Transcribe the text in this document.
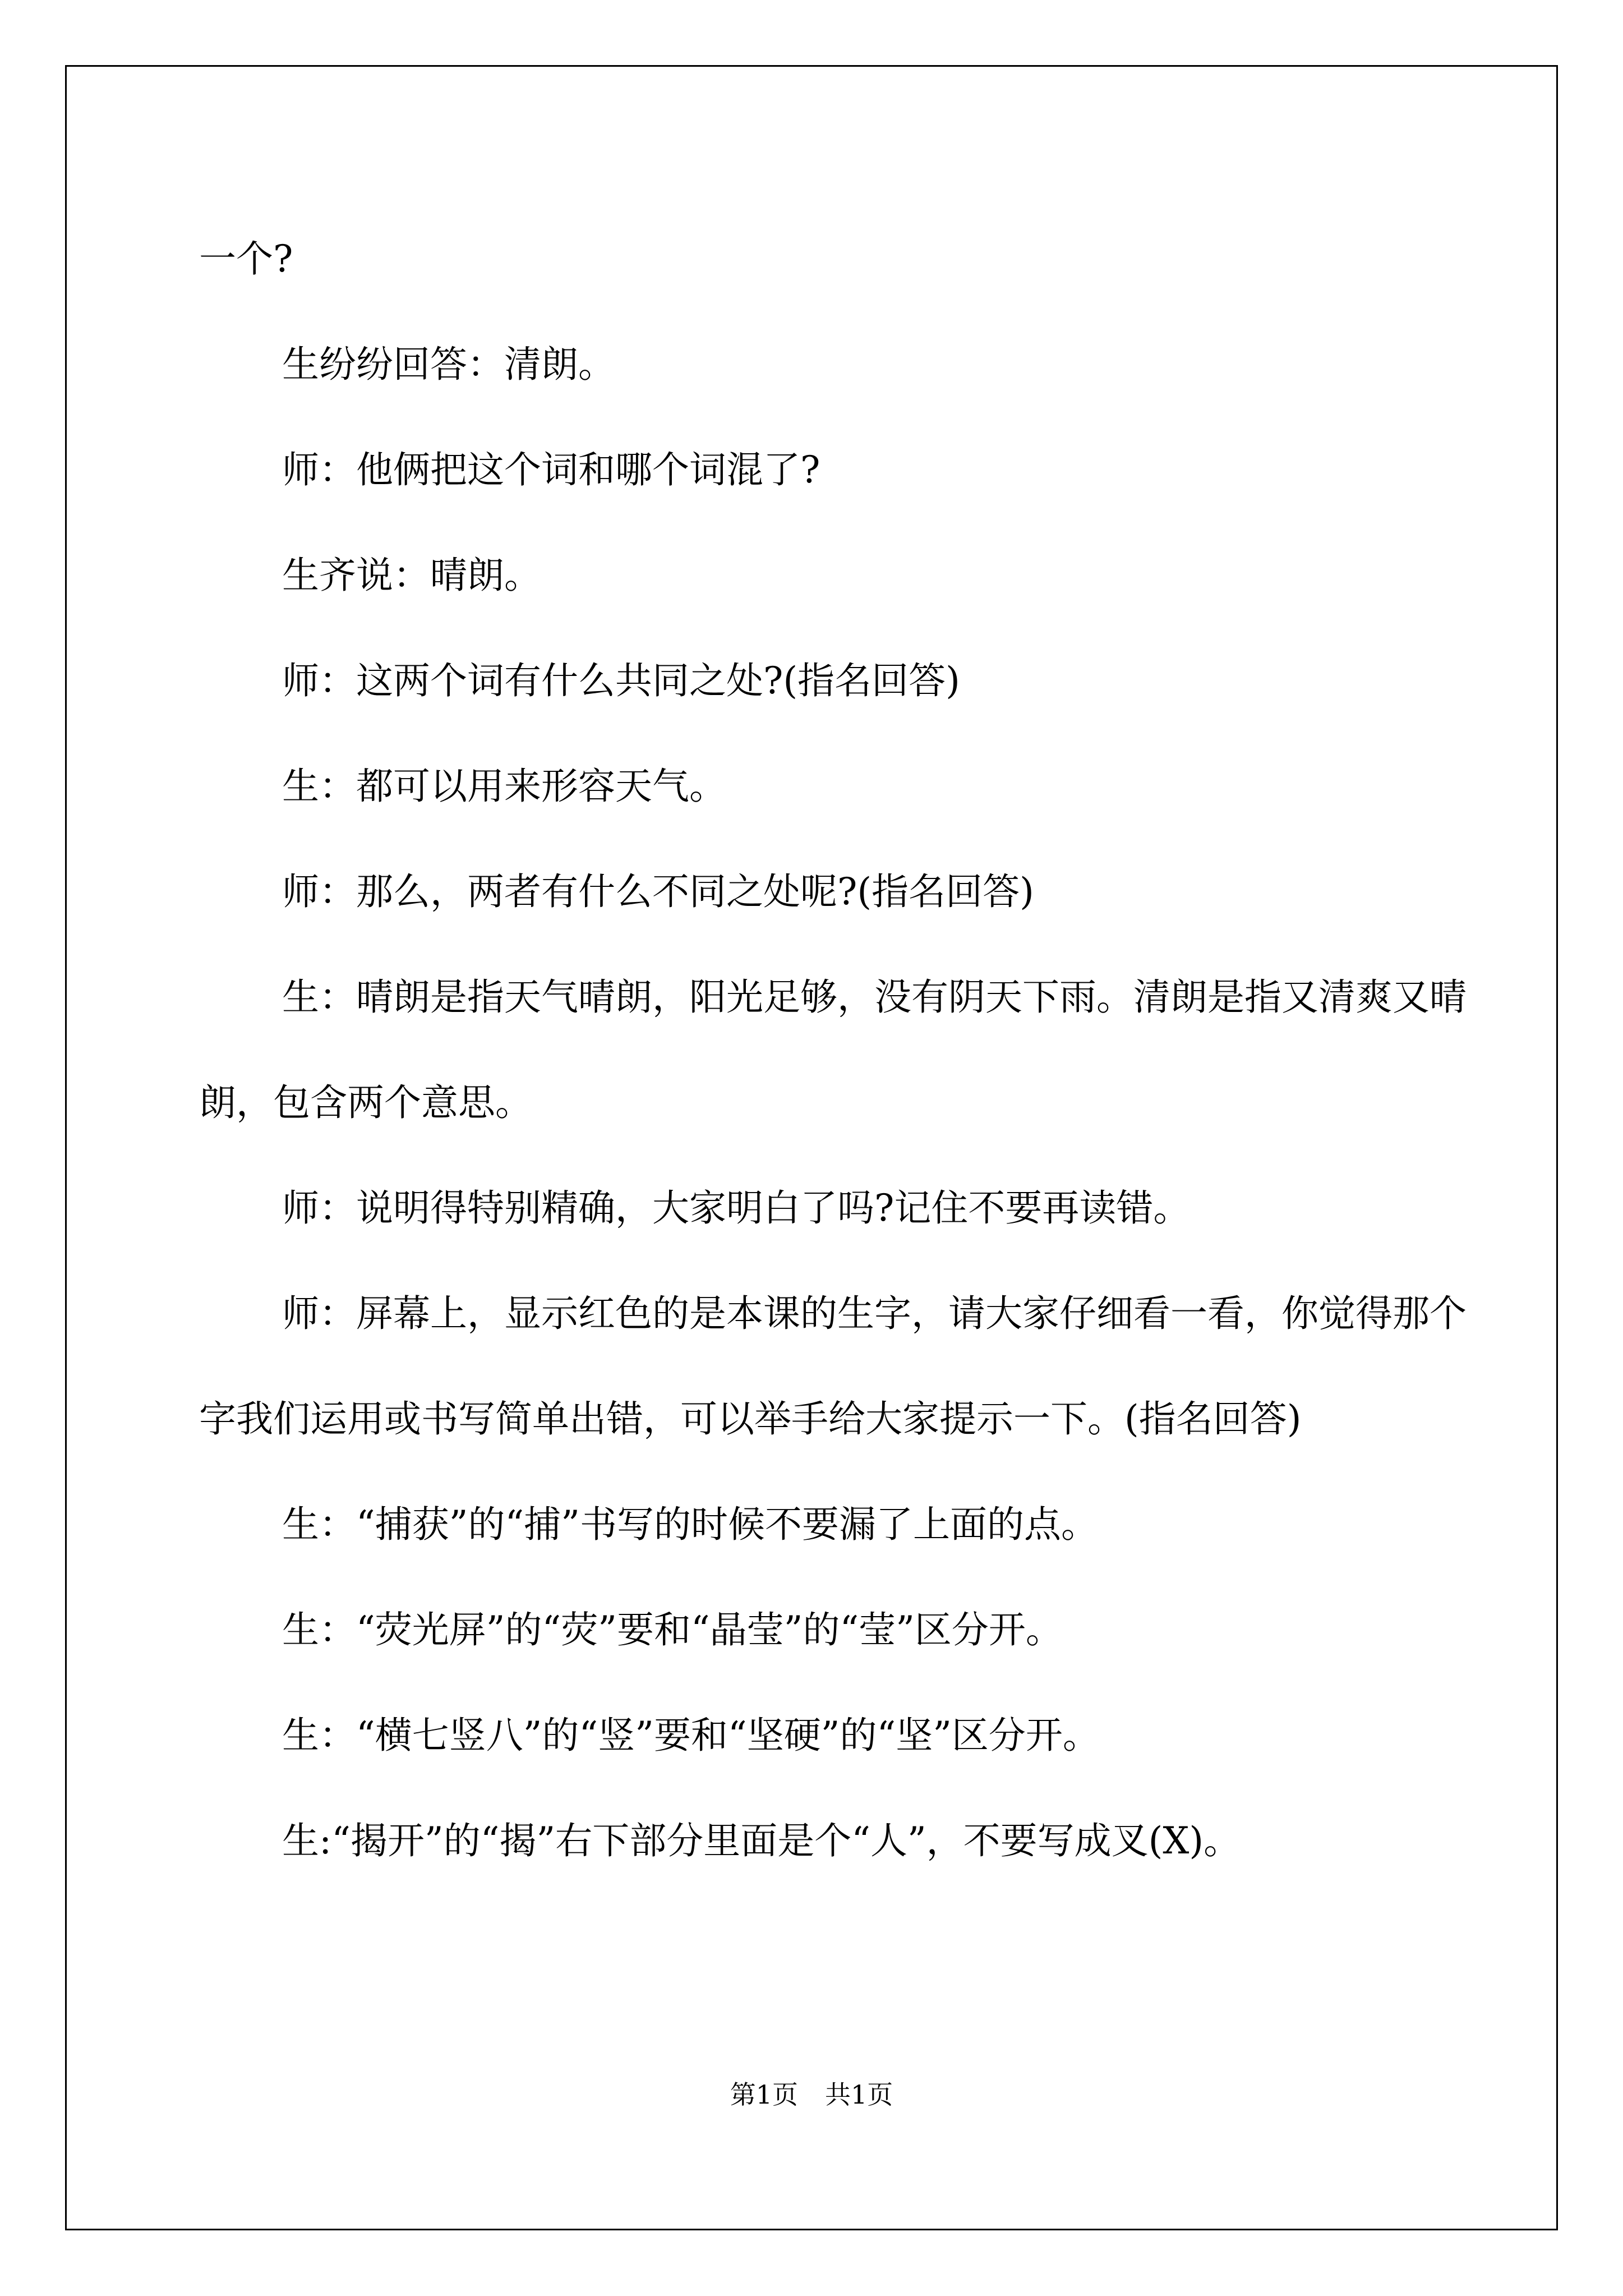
一个?

生纷纷回答：清朗。

师：他俩把这个词和哪个词混了?

生齐说：晴朗。

师：这两个词有什么共同之处?(指名回答)

生：都可以用来形容天气。

师：那么，两者有什么不同之处呢?(指名回答)

生：晴朗是指天气晴朗，阳光足够，没有阴天下雨。清朗是指又清爽又晴朗，包含两个意思。

师：说明得特别精确，大家明白了吗?记住不要再读错。

师：屏幕上，显示红色的是本课的生字，请大家仔细看一看，你觉得那个字我们运用或书写简单出错，可以举手给大家提示一下。(指名回答)

生：“捕获”的“捕”书写的时候不要漏了上面的点。

生：“荧光屏”的“荧”要和“晶莹”的“莹”区分开。

生：“横七竖八”的“竖”要和“坚硬”的“坚”区分开。

生:“揭开”的“揭”右下部分里面是个“人”，不要写成叉(X)。

第1页 共1页
